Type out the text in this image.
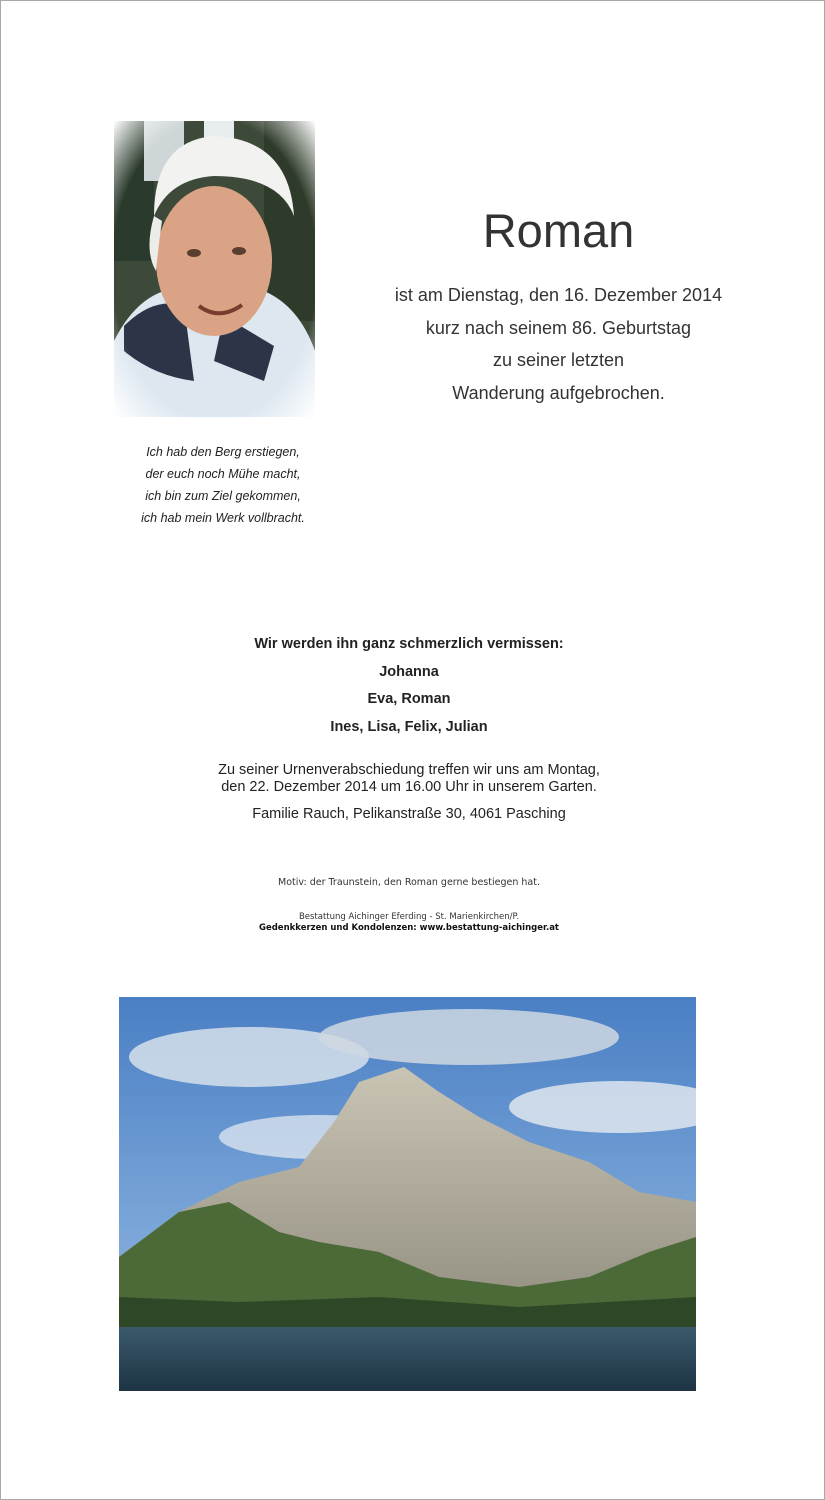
Roman
ist am Dienstag, den 16. Dezember 2014
kurz nach seinem 86. Geburtstag
zu seiner letzten
Wanderung aufgebrochen.
Ich hab den Berg erstiegen,
der euch noch Mühe macht,
ich bin zum Ziel gekommen,
ich hab mein Werk vollbracht.
Wir werden ihn ganz schmerzlich vermissen:
Johanna
Eva, Roman
Ines, Lisa, Felix, Julian
Zu seiner Urnenverabschiedung treffen wir uns am Montag,
den 22. Dezember 2014 um 16.00 Uhr in unserem Garten.
Familie Rauch, Pelikanstraße 30, 4061 Pasching
Motiv: der Traunstein, den Roman gerne bestiegen hat.
Bestattung Aichinger Eferding - St. Marienkirchen/P.
Gedenkkerzen und Kondolenzen: www.bestattung-aichinger.at
